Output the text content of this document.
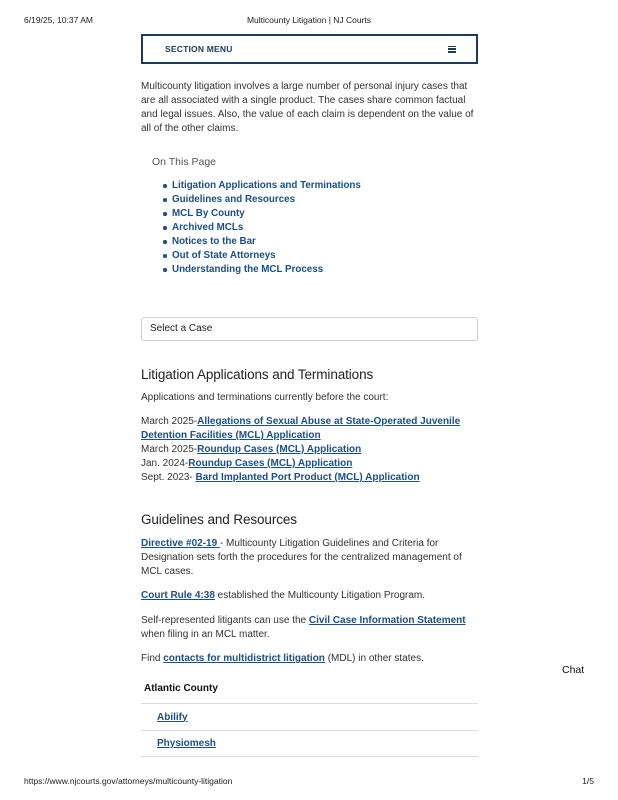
6/19/25, 10:37 AM	Multicounty Litigation | NJ Courts
SECTION MENU

Multicounty litigation involves a large number of personal injury cases that are all associated with a single product. The cases share common factual and legal issues. Also, the value of each claim is dependent on the value of all of the other claims.

On This Page
Litigation Applications and Terminations
Guidelines and Resources
MCL By County
Archived MCLs
Notices to the Bar
Out of State Attorneys
Understanding the MCL Process
Select a Case
Litigation Applications and Terminations

Applications and terminations currently before the court:

March 2025-Allegations of Sexual Abuse at State-Operated Juvenile Detention Facilities (MCL) Application
March 2025-Roundup Cases (MCL) Application
Jan. 2024-Roundup Cases (MCL) Application
Sept. 2023- Bard Implanted Port Product (MCL) Application
Guidelines and Resources

Directive #02-19 - Multicounty Litigation Guidelines and Criteria for Designation sets forth the procedures for the centralized management of MCL cases.

Court Rule 4:38 established the Multicounty Litigation Program.

Self-represented litigants can use the Civil Case Information Statement when filing in an MCL matter.

Find contacts for multidistrict litigation (MDL) in other states.

Chat
Atlantic County
Abilify
Physiomesh
https://www.njcourts.gov/attorneys/multicounty-litigation	1/5
